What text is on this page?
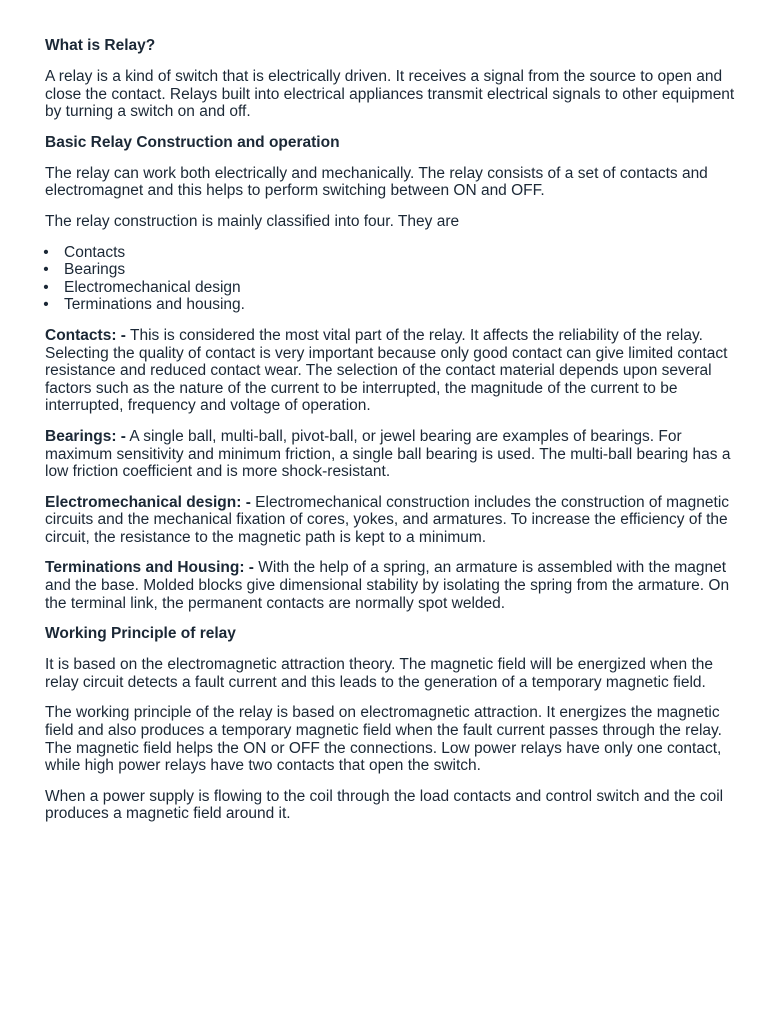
What is Relay?

A relay is a kind of switch that is electrically driven. It receives a signal from the source to open and close the contact. Relays built into electrical appliances transmit electrical signals to other equipment by turning a switch on and off.

Basic Relay Construction and operation

The relay can work both electrically and mechanically. The relay consists of a set of contacts and electromagnet and this helps to perform switching between ON and OFF.

The relay construction is mainly classified into four. They are

• Contacts
• Bearings
• Electromechanical design
• Terminations and housing.

Contacts: - This is considered the most vital part of the relay. It affects the reliability of the relay. Selecting the quality of contact is very important because only good contact can give limited contact resistance and reduced contact wear. The selection of the contact material depends upon several factors such as the nature of the current to be interrupted, the magnitude of the current to be interrupted, frequency and voltage of operation.

Bearings: - A single ball, multi-ball, pivot-ball, or jewel bearing are examples of bearings. For maximum sensitivity and minimum friction, a single ball bearing is used. The multi-ball bearing has a low friction coefficient and is more shock-resistant.

Electromechanical design: - Electromechanical construction includes the construction of magnetic circuits and the mechanical fixation of cores, yokes, and armatures. To increase the efficiency of the circuit, the resistance to the magnetic path is kept to a minimum.

Terminations and Housing: - With the help of a spring, an armature is assembled with the magnet and the base. Molded blocks give dimensional stability by isolating the spring from the armature. On the terminal link, the permanent contacts are normally spot welded.

Working Principle of relay

It is based on the electromagnetic attraction theory. The magnetic field will be energized when the relay circuit detects a fault current and this leads to the generation of a temporary magnetic field.

The working principle of the relay is based on electromagnetic attraction. It energizes the magnetic field and also produces a temporary magnetic field when the fault current passes through the relay. The magnetic field helps the ON or OFF the connections. Low power relays have only one contact, while high power relays have two contacts that open the switch.

When a power supply is flowing to the coil through the load contacts and control switch and the coil produces a magnetic field around it.
